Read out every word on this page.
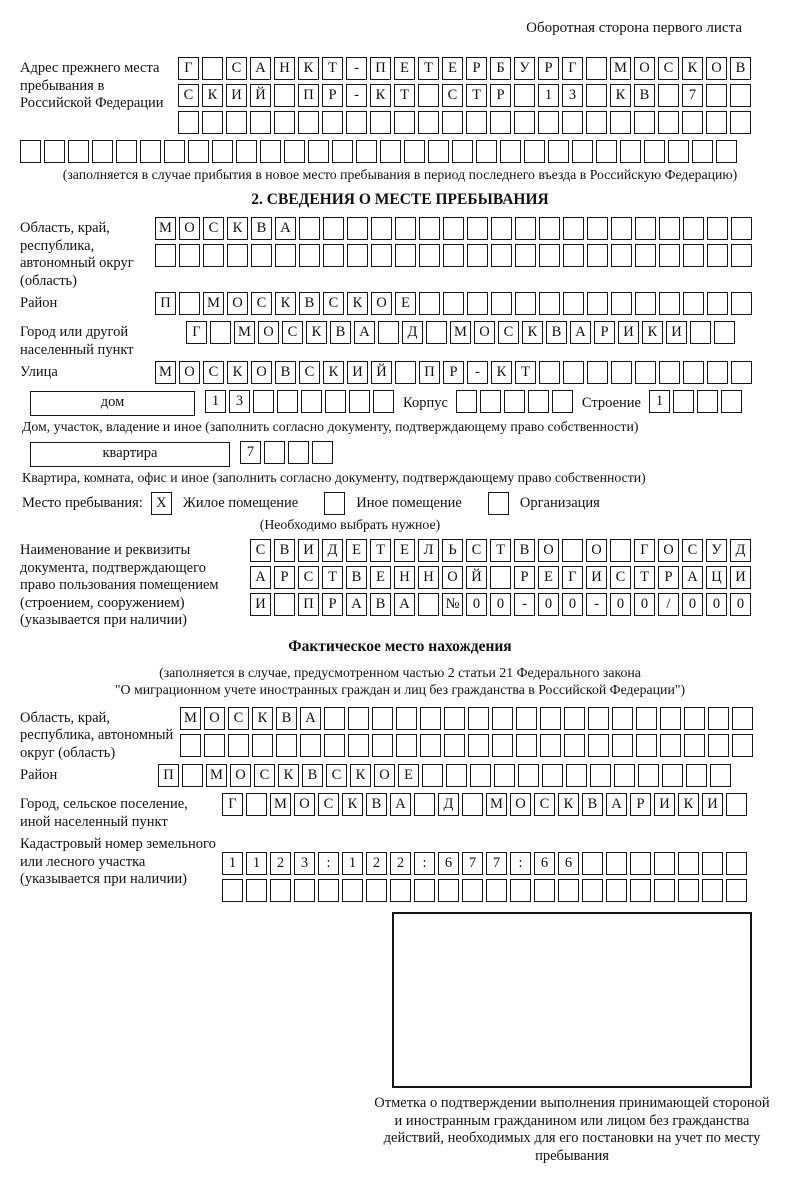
Оборотная сторона первого листа
Адрес прежнего места пребывания в Российской Федерации
Г	С А Н К Т - П Е Т Е Р Б У Р Г	М О С К О В
С К И Й	П Р - К Т	С Т Р	1 3	К В	7
(заполняется в случае прибытия в новое место пребывания в период последнего въезда в Российскую Федерацию)
2. СВЕДЕНИЯ О МЕСТЕ ПРЕБЫВАНИЯ
Область, край, республика, автономный округ (область)
М О С К В А
Район	П	М О С К В С К О Е
Город или другой населенный пункт
Г	М О С К В А	Д	М О С К В А Р И К И
Улица	М О С К О В С К И Й	П Р - К Т
дом	1 3	Корпус	Строение	1
Дом, участок, владение и иное (заполнить согласно документу, подтверждающему право собственности)
квартира	7
Квартира, комната, офис и иное (заполнить согласно документу, подтверждающему право собственности)
Место пребывания: X	Жилое помещение	Иное помещение	Организация
(Необходимо выбрать нужное)
Наименование и реквизиты документа, подтверждающего право пользования помещением (строением, сооружением) (указывается при наличии)
С В И Д Е Т Е Л Ь С Т В О	О	Г О С У Д
А Р С Т В Е Н Н О Й	Р Е Г И С Т Р А Ц И
И	П Р А В А № 0 0 - 0 0 - 0 0 / 0 0 0
Фактическое место нахождения
(заполняется в случае, предусмотренном частью 2 статьи 21 Федерального закона
"О миграционном учете иностранных граждан и лиц без гражданства в Российской Федерации")
Область, край, республика, автономный округ (область)
М О С К В А
Район	П	М О С К В С К О Е
Город, сельское поселение, иной населенный пункт
Г	М О С К В А	Д	М О С К В А Р И К И
Кадастровый номер земельного или лесного участка (указывается при наличии)
1 1 2 3 : 1 2 2 : 6 7 7 : 6 6
Отметка о подтверждении выполнения принимающей стороной и иностранным гражданином или лицом без гражданства действий, необходимых для его постановки на учет по месту пребывания
